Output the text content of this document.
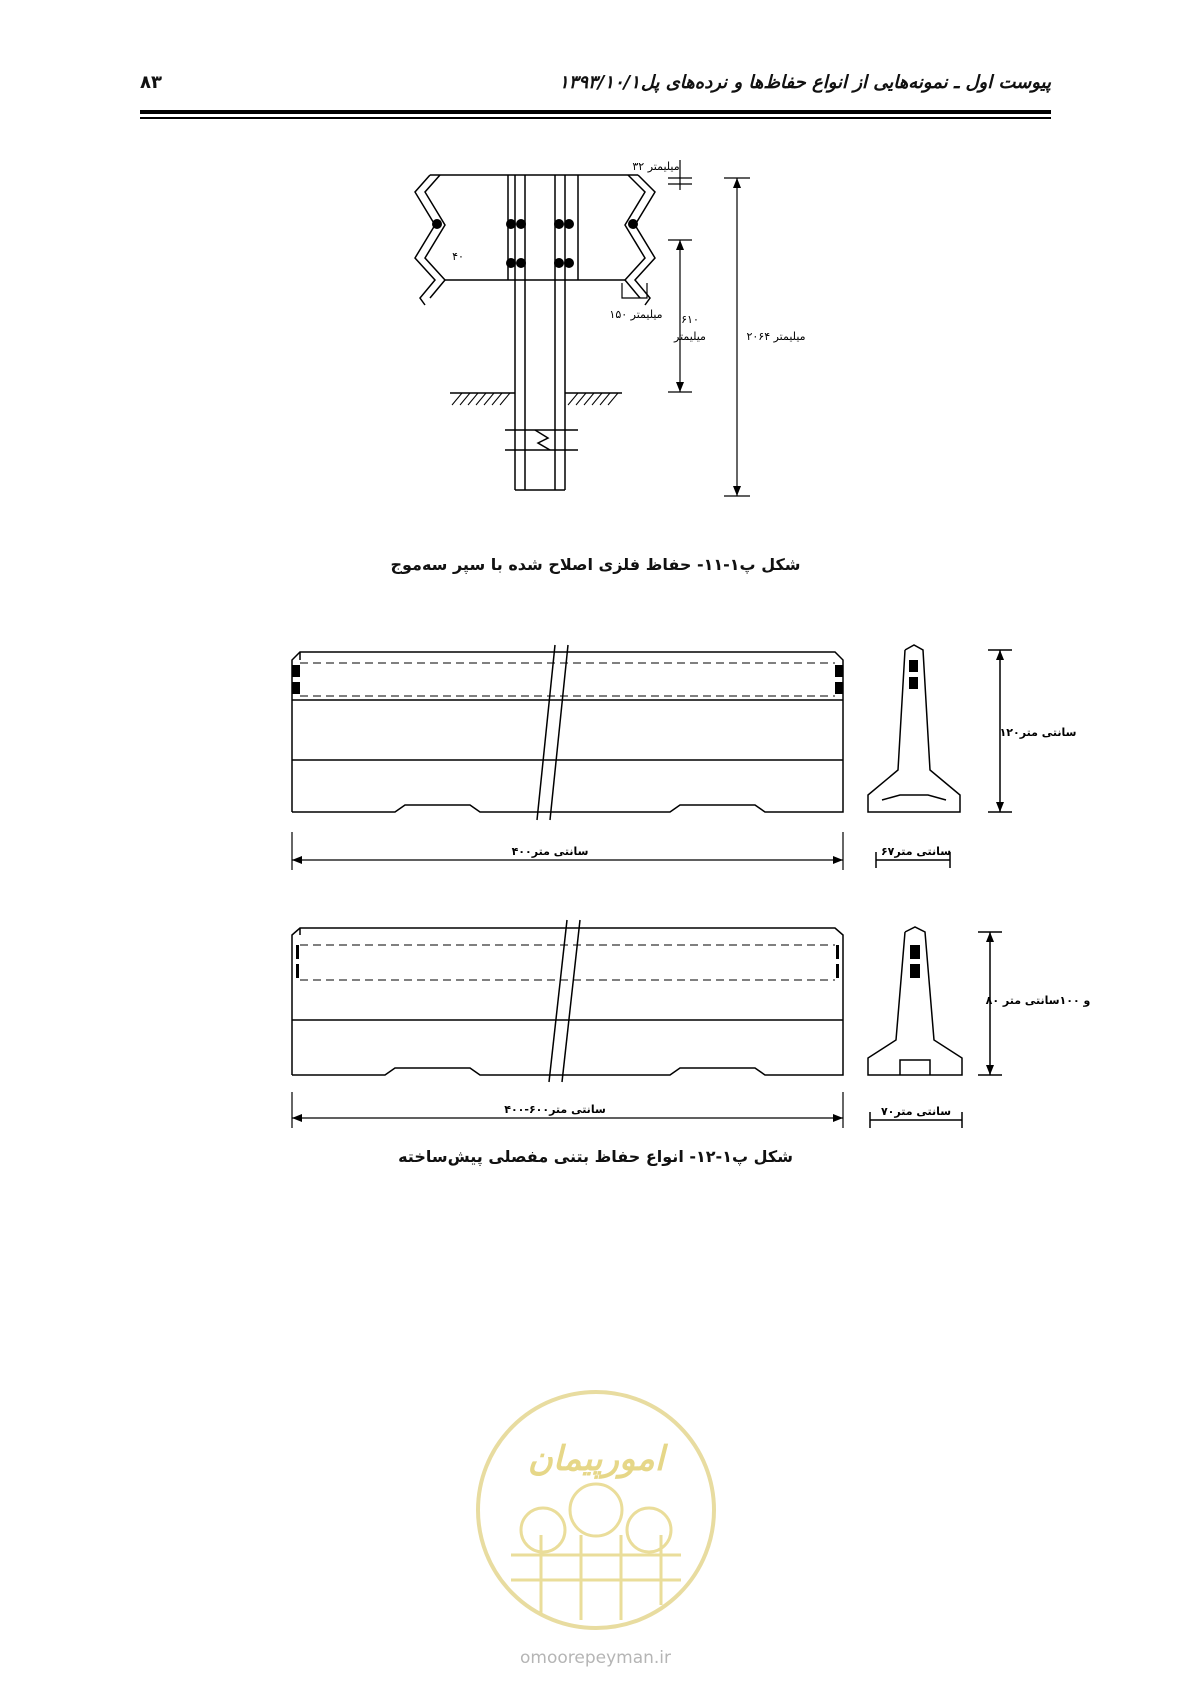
پیوست اول ـ نمونه‌هایی از انواع حفاظ‌ها و نرده‌های پل
۱۳۹۳/۱۰/۱
۸۳
۳۲ میلیمتر
۴۰
۱۵۰ میلیمتر ۶۱۰
میلیمتر	۲۰۶۴ میلیمتر
شکل پ۱-۱۱- حفاظ فلزی اصلاح شده با سپر سه‌موج
۴۰۰سانتی متر
۱۲۰سانتی متر
۶۷سانتی متر
۴۰۰-۶۰۰سانتی متر
۸۰ و ۱۰۰سانتی متر
۷۰سانتی متر
شکل پ۱-۱۲- انواع حفاظ بتنی مفصلی پیش‌ساخته
امورپیمان
omoorepeyman.ir
